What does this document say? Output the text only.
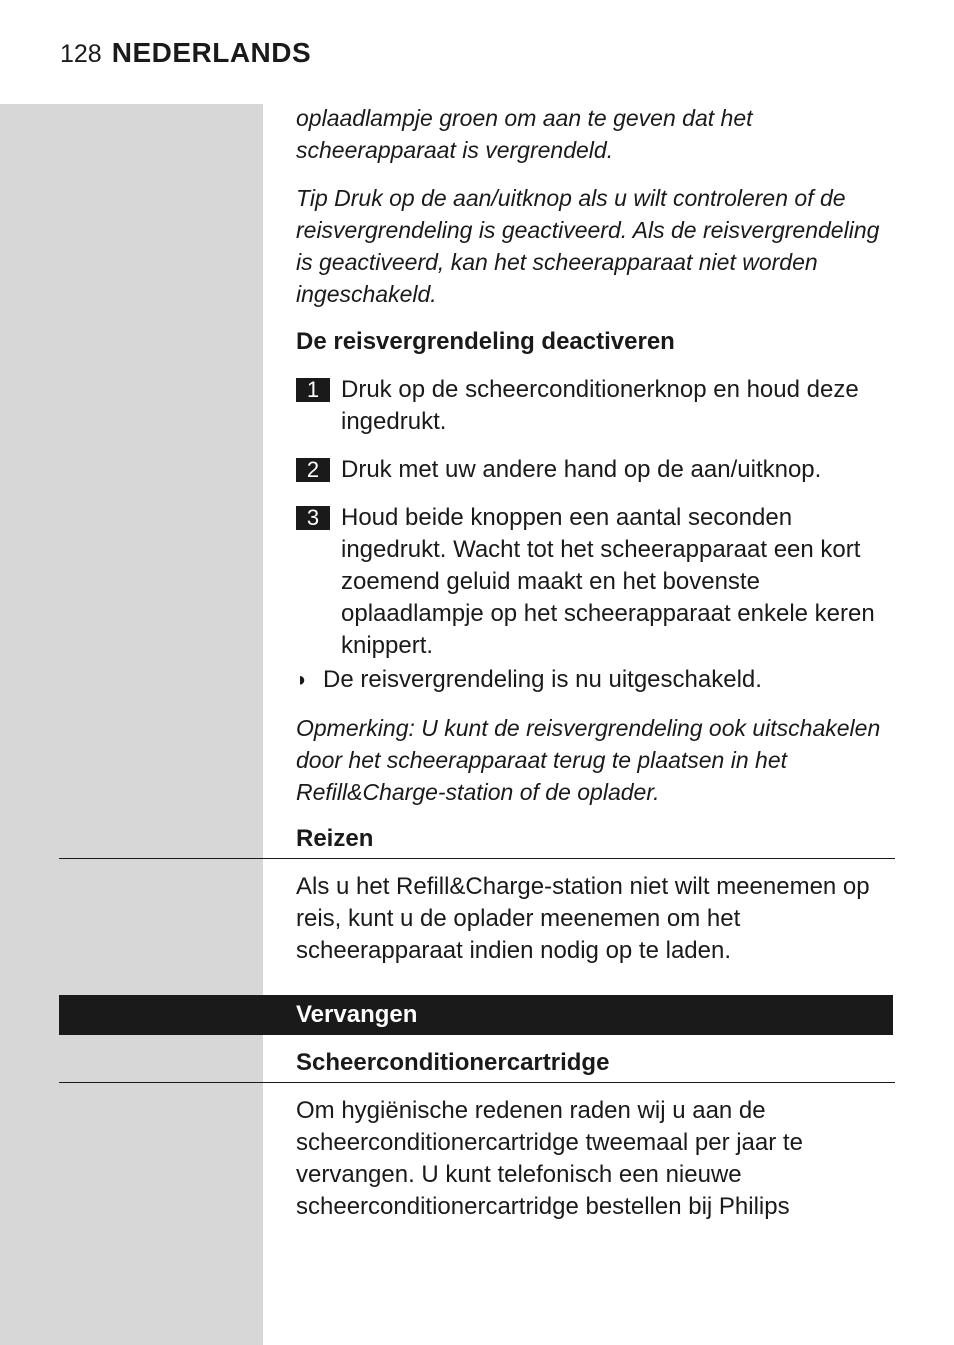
128 NEDERLANDS

oplaadlampje groen om aan te geven dat het scheerapparaat is vergrendeld.

Tip Druk op de aan/uitknop als u wilt controleren of de reisvergrendeling is geactiveerd. Als de reisvergrendeling is geactiveerd, kan het scheerapparaat niet worden ingeschakeld.

De reisvergrendeling deactiveren

1 Druk op de scheerconditionerknop en houd deze ingedrukt.
2 Druk met uw andere hand op de aan/uitknop.
3 Houd beide knoppen een aantal seconden ingedrukt. Wacht tot het scheerapparaat een kort zoemend geluid maakt en het bovenste oplaadlampje op het scheerapparaat enkele keren knippert.
◗ De reisvergrendeling is nu uitgeschakeld.

Opmerking: U kunt de reisvergrendeling ook uitschakelen door het scheerapparaat terug te plaatsen in het Refill&Charge-station of de oplader.

Reizen

Als u het Refill&Charge-station niet wilt meenemen op reis, kunt u de oplader meenemen om het scheerapparaat indien nodig op te laden.

Vervangen

Scheerconditionercartridge

Om hygiënische redenen raden wij u aan de scheerconditionercartridge tweemaal per jaar te vervangen. U kunt telefonisch een nieuwe scheerconditionercartridge bestellen bij Philips
